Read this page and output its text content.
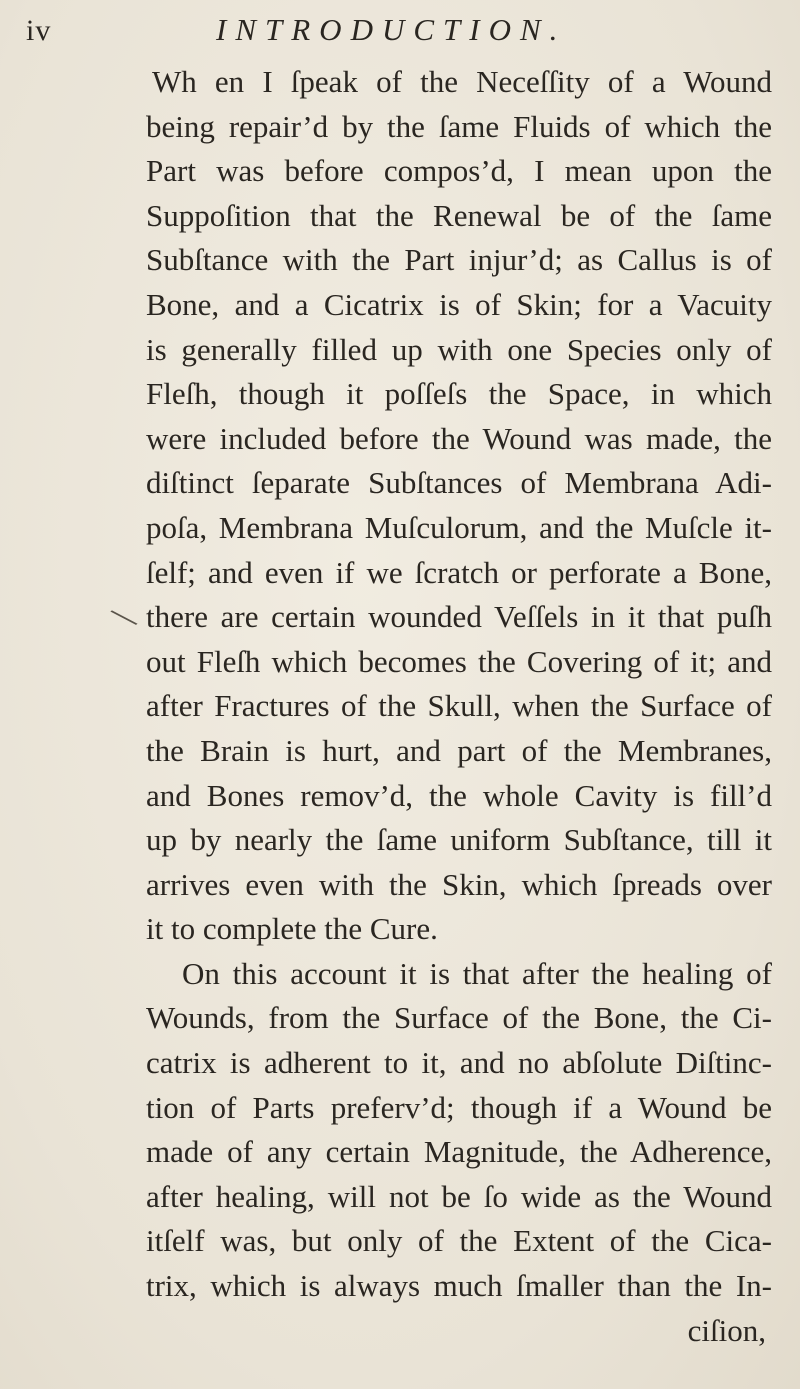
iv	INTRODUCTION.
Wh en I ſpeak of the Neceſſity of a Wound
being repair’d by the ſame Fluids of which the
Part was before compos’d, I mean upon the
Suppoſition that the Renewal be of the ſame
Subſtance with the Part injur’d; as Callus is of
Bone, and a Cicatrix is of Skin; for a Vacuity
is generally filled up with one Species only of
Fleſh, though it poſſeſs the Space, in which
were included before the Wound was made, the
diſtinct ſeparate Subſtances of Membrana Adi-
poſa, Membrana Muſculorum, and the Muſcle it-
ſelf; and even if we ſcratch or perforate a Bone,
there are certain wounded Veſſels in it that puſh
out Fleſh which becomes the Covering of it; and
after Fractures of the Skull, when the Surface of
the Brain is hurt, and part of the Membranes,
and Bones remov’d, the whole Cavity is fill’d
up by nearly the ſame uniform Subſtance, till it
arrives even with the Skin, which ſpreads over
it to complete the Cure.
On this account it is that after the healing of
Wounds, from the Surface of the Bone, the Ci-
catrix is adherent to it, and no abſolute Diſtinc-
tion of Parts preferv’d; though if a Wound be
made of any certain Magnitude, the Adherence,
after healing, will not be ſo wide as the Wound
itſelf was, but only of the Extent of the Cica-
trix, which is always much ſmaller than the In-
ciſion,
╲
